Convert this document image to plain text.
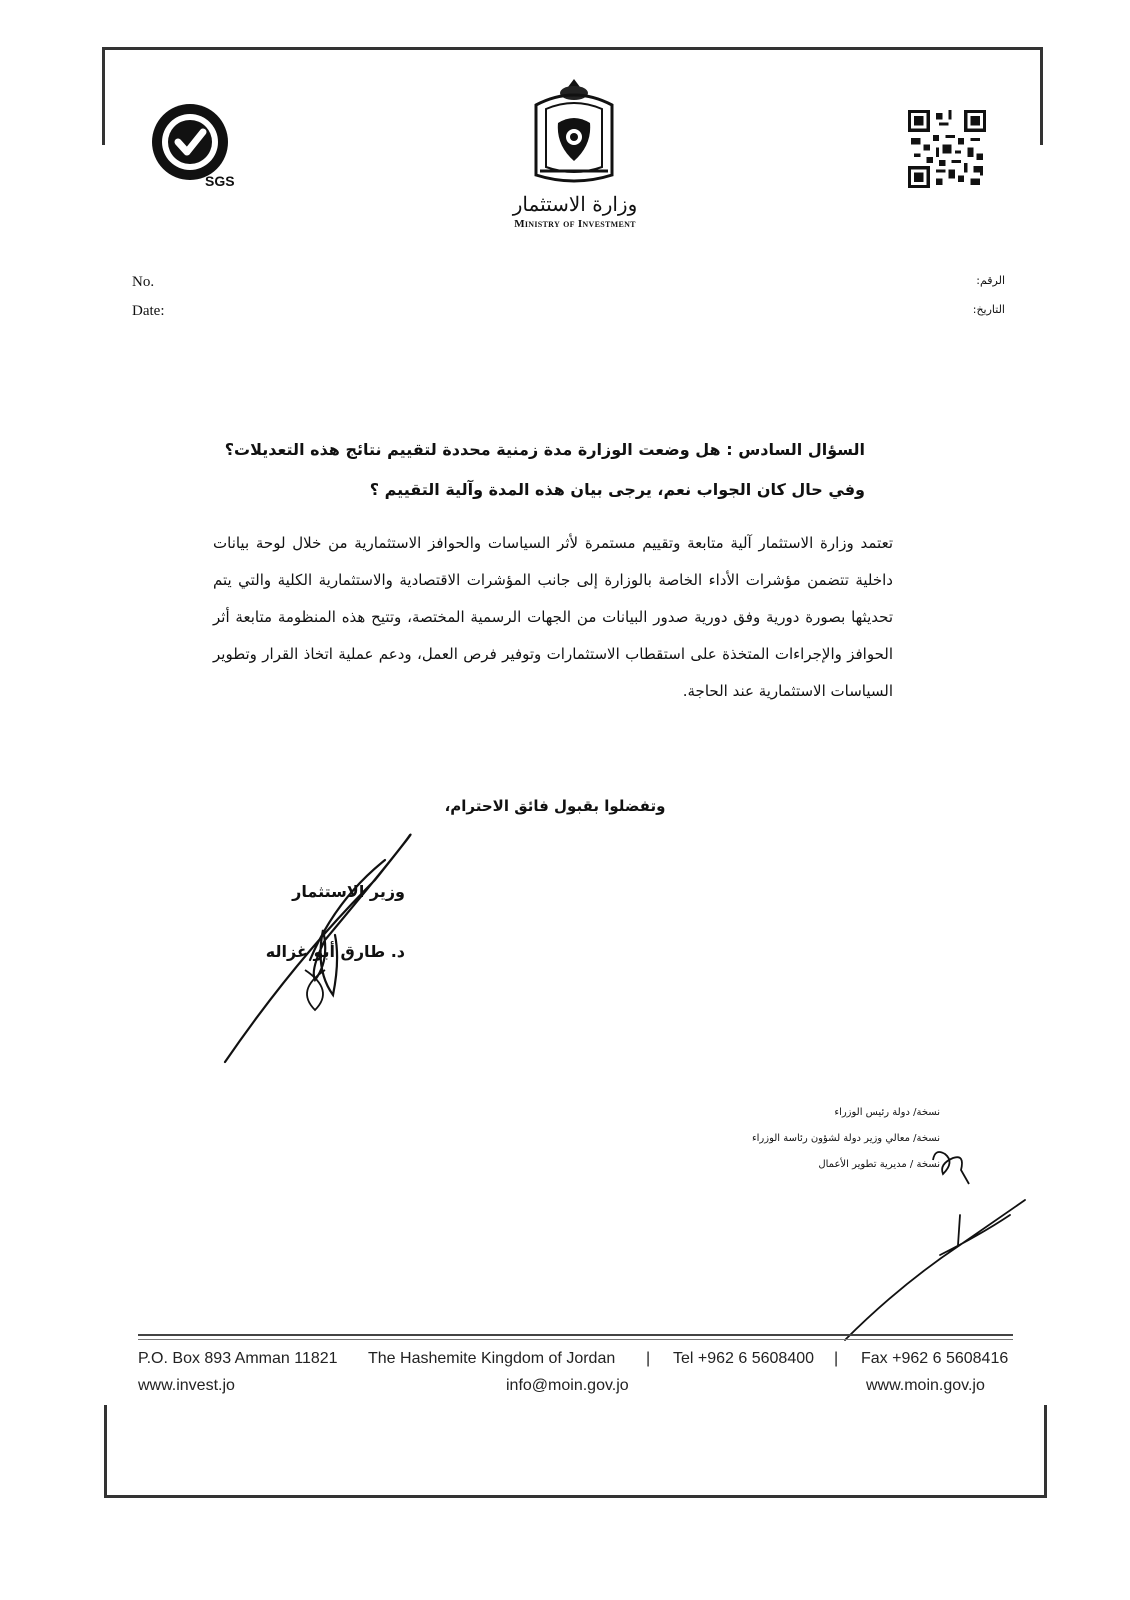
SGS
وزارة الاستثمار
Ministry of Investment
No.
Date:
الرقم:
التاريخ:
السؤال السادس : هل وضعت الوزارة مدة زمنية محددة لتقييم نتائج هذه التعديلات؟ وفي حال كان الجواب نعم، يرجى بيان هذه المدة وآلية التقييم ؟
تعتمد وزارة الاستثمار آلية متابعة وتقييم مستمرة لأثر السياسات والحوافز الاستثمارية من خلال لوحة بيانات داخلية تتضمن مؤشرات الأداء الخاصة بالوزارة إلى جانب المؤشرات الاقتصادية والاستثمارية الكلية والتي يتم تحديثها بصورة دورية وفق دورية صدور البيانات من الجهات الرسمية المختصة، وتتيح هذه المنظومة متابعة أثر الحوافز والإجراءات المتخذة على استقطاب الاستثمارات وتوفير فرص العمل، ودعم عملية اتخاذ القرار وتطوير السياسات الاستثمارية عند الحاجة.
وتفضلوا بقبول فائق الاحترام،
وزير الاستثمار
د. طارق أبو غزاله
نسخة/ دولة رئيس الوزراء
نسخة/ معالي وزير دولة لشؤون رئاسة الوزراء
نسخة / مديرية تطوير الأعمال
P.O. Box 893 Amman 11821 The Hashemite Kingdom of Jordan | Tel +962 6 5608400 | Fax +962 6 5608416
www.invest.jo	info@moin.gov.jo	www.moin.gov.jo
